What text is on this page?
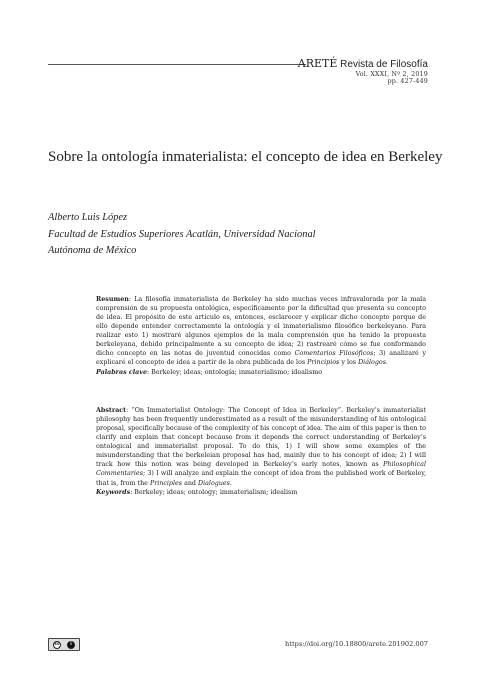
ARETÉ Revista de Filosofía
Vol. XXXI, Nº 2, 2019
pp. 427-449
Sobre la ontología inmaterialista: el concepto de idea en Berkeley
Alberto Luis López
Facultad de Estudios Superiores Acatlán, Universidad Nacional
Autónoma de México
Resumen: La filosofía inmaterialista de Berkeley ha sido muchas veces infravalorada por la mala comprensión de su propuesta ontológica, específicamente por la dificultad que presenta su concepto de idea. El propósito de este artículo es, entonces, esclarecer y explicar dicho concepto porque de ello depende entender correctamente la ontología y el inmaterialismo filosófico berkeleyano. Para realizar esto 1) mostraré algunos ejemplos de la mala comprensión que ha tenido la propuesta berkeleyana, debido principalmente a su concepto de idea; 2) rastrearé cómo se fue conformando dicho concepto en las notas de juventud conocidas como Comentarios Filosóficos; 3) analizaré y explicaré el concepto de idea a partir de la obra publicada de los Principios y los Diálogos.
Palabras clave: Berkeley; ideas; ontología; inmaterialismo; idealismo
Abstract: “On Immaterialist Ontology: The Concept of Idea in Berkeley”. Berkeley’s immaterialist philosophy has been frequently underestimated as a result of the misunderstanding of his ontological proposal, specifically because of the complexity of his concept of idea. The aim of this paper is then to clarify and explain that concept because from it depends the correct understanding of Berkeley’s ontological and immaterialist proposal. To do this, 1) I will show some examples of the misunderstanding that the berkeleian proposal has had, mainly due to his concept of idea; 2) I will track how this notion was being developed in Berkeley’s early notes, known as Philosophical Commentaries; 3) I will analyze and explain the concept of idea from the published work of Berkeley, that is, from the Principles and Dialogues.
Keywords: Berkeley; ideas; ontology; immaterialism; idealism
cc	i	https://doi.org/10.18800/arete.201902.007
